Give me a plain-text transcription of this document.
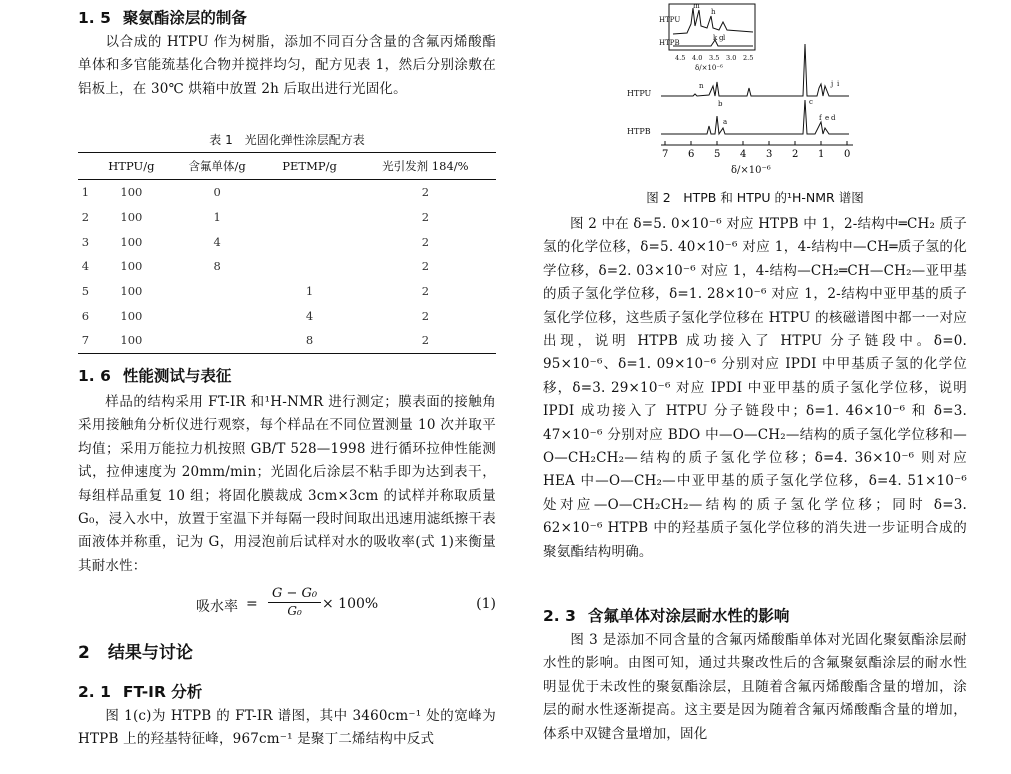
1. 5 聚氨酯涂层的制备
以合成的 HTPU 作为树脂，添加不同百分含量的含氟丙烯酸酯单体和多官能巯基化合物并搅拌均匀，配方见表 1，然后分别涂敷在铝板上，在 30℃ 烘箱中放置 2h 后取出进行光固化。
表 1　光固化弹性涂层配方表
	HTPU/g	含氟单体/g	PETMP/g	光引发剂 184/%
1	100	0		2
2	100	1		2
3	100	4		2
4	100	8		2
5	100		1	2
6	100		4	2
7	100		8	2
1. 6 性能测试与表征
样品的结构采用 FT-IR 和¹H-NMR 进行测定；膜表面的接触角采用接触角分析仪进行观察，每个样品在不同位置测量 10 次并取平均值；采用万能拉力机按照 GB/T 528—1998 进行循环拉伸性能测试，拉伸速度为 20mm/min；光固化后涂层不粘手即为达到表干，每组样品重复 10 组；将固化膜裁成 3cm×3cm 的试样并称取质量 G₀，浸入水中，放置于室温下并每隔一段时间取出迅速用滤纸擦干表面液体并称重，记为 G，用浸泡前后试样对水的吸收率(式 1)来衡量其耐水性：
吸水率 = $\frac{\text{G − G₀}}{\text{G₀}} \times 100\%$	(1)
2 结果与讨论
2. 1 FT-IR 分析
图 1(c)为 HTPB 的 FT-IR 谱图，其中 3460cm⁻¹ 处的宽峰为 HTPB 上的羟基特征峰，967cm⁻¹ 是聚丁二烯结构中反式
7 6 5 4 3 2 1 0
HTPU
HTPB
HTPU
HTPB
δ/×10⁻⁶
δ/×10⁻⁶
4.5 4.0 3.5 3.0 2.5
n
b	c
j i
a	f e d
m
h
k g l
图 2　HTPB 和 HTPU 的¹H-NMR 谱图
图 2 中在 δ=5. 0×10⁻⁶ 对应 HTPB 中 1，2-结构中═CH₂ 质子氢的化学位移，δ=5. 40×10⁻⁶ 对应 1，4-结构中—CH═质子氢的化学位移，δ=2. 03×10⁻⁶ 对应 1，4-结构—CH₂═CH—CH₂—亚甲基的质子氢化学位移，δ=1. 28×10⁻⁶ 对应 1，2-结构中亚甲基的质子氢化学位移，这些质子氢化学位移在 HTPU 的核磁谱图中都一一对应出现，说明 HTPB 成功接入了 HTPU 分子链段中。δ=0. 95×10⁻⁶、δ=1. 09×10⁻⁶ 分别对应 IPDI 中甲基质子氢的化学位移，δ=3. 29×10⁻⁶ 对应 IPDI 中亚甲基的质子氢化学位移，说明 IPDI 成功接入了 HTPU 分子链段中；δ=1. 46×10⁻⁶ 和 δ=3. 47×10⁻⁶ 分别对应 BDO 中—O—CH₂—结构的质子氢化学位移和—O—CH₂CH₂—结构的质子氢化学位移；δ=4. 36×10⁻⁶ 则对应 HEA 中—O—CH₂—中亚甲基的质子氢化学位移，δ=4. 51×10⁻⁶ 处对应—O—CH₂CH₂—结构的质子氢化学位移；同时 δ=3. 62×10⁻⁶ HTPB 中的羟基质子氢化学位移的消失进一步证明合成的聚氨酯结构明确。
2. 3 含氟单体对涂层耐水性的影响
图 3 是添加不同含量的含氟丙烯酸酯单体对光固化聚氨酯涂层耐水性的影响。由图可知，通过共聚改性后的含氟聚氨酯涂层的耐水性明显优于未改性的聚氨酯涂层，且随着含氟丙烯酸酯含量的增加，涂层的耐水性逐渐提高。这主要是因为随着含氟丙烯酸酯含量的增加，体系中双键含量增加，固化
